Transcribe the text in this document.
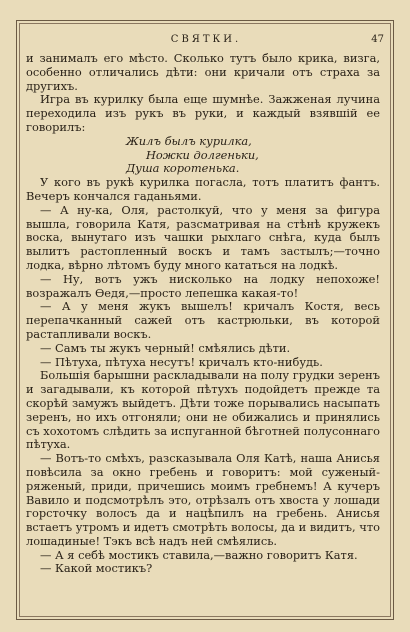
СВЯТКИ.	47

и занималъ его мѣсто. Сколько тутъ было крика, визга, особенно отличались дѣти: они кричали отъ страха за другихъ.

Игра въ курилку была еще шумнѣе. Зажженая лучина переходила изъ рукъ въ руки, и каждый взявшій ее говорилъ:

Жилъ былъ курилка,

Ножки долгеньки,

Душа коротенька.

У кого въ рукѣ курилка погасла, тотъ платитъ фантъ. Вечеръ кончался гаданьями.

— А ну-ка, Оля, растолкуй, что у меня за фигура вышла, говорила Катя, разсматривая на стѣнѣ кружекъ воска, вынутаго изъ чашки рыхлаго снѣга, куда былъ вылитъ растопленный воскъ и тамъ застылъ;—точно лодка, вѣрно лѣтомъ буду много кататься на лодкѣ.

— Ну, вотъ ужъ нисколько на лодку непохоже! возражалъ Ѳедя,—просто лепешка какая-то!

— А у меня жукъ вышелъ! кричалъ Костя, весь перепачканный сажей отъ кастрюльки, въ которой растапливали воскъ.

— Самъ ты жукъ черный! смѣялись дѣти.

— Пѣтуха, пѣтуха несутъ! кричалъ кто-нибудь.

Большія барышни раскладывали на полу грудки зеренъ и загадывали, къ которой пѣтухъ подойдетъ прежде та скорѣй замужъ выйдетъ. Дѣти тоже порывались насыпать зеренъ, но ихъ отгоняли; они не обижались и принялись съ хохотомъ слѣдить за испуганной бѣготней полусоннаго пѣтуха.

— Вотъ-то смѣхъ, разсказывала Оля Катѣ, наша Анисья повѣсила за окно гребень и говоритъ: мой суженый-ряженый, приди, причешись моимъ гребнемъ! А кучеръ Вавило и подсмотрѣлъ это, отрѣзалъ отъ хвоста у лошади горсточку волосъ да и нацѣпилъ на гребень. Анисья встаетъ утромъ и идетъ смотрѣть волосы, да и видитъ, что лошадиные! Тэкъ всѣ надъ ней смѣялись.

— А я себѣ мостикъ ставила,—важно говоритъ Катя.

— Какой мостикъ?
